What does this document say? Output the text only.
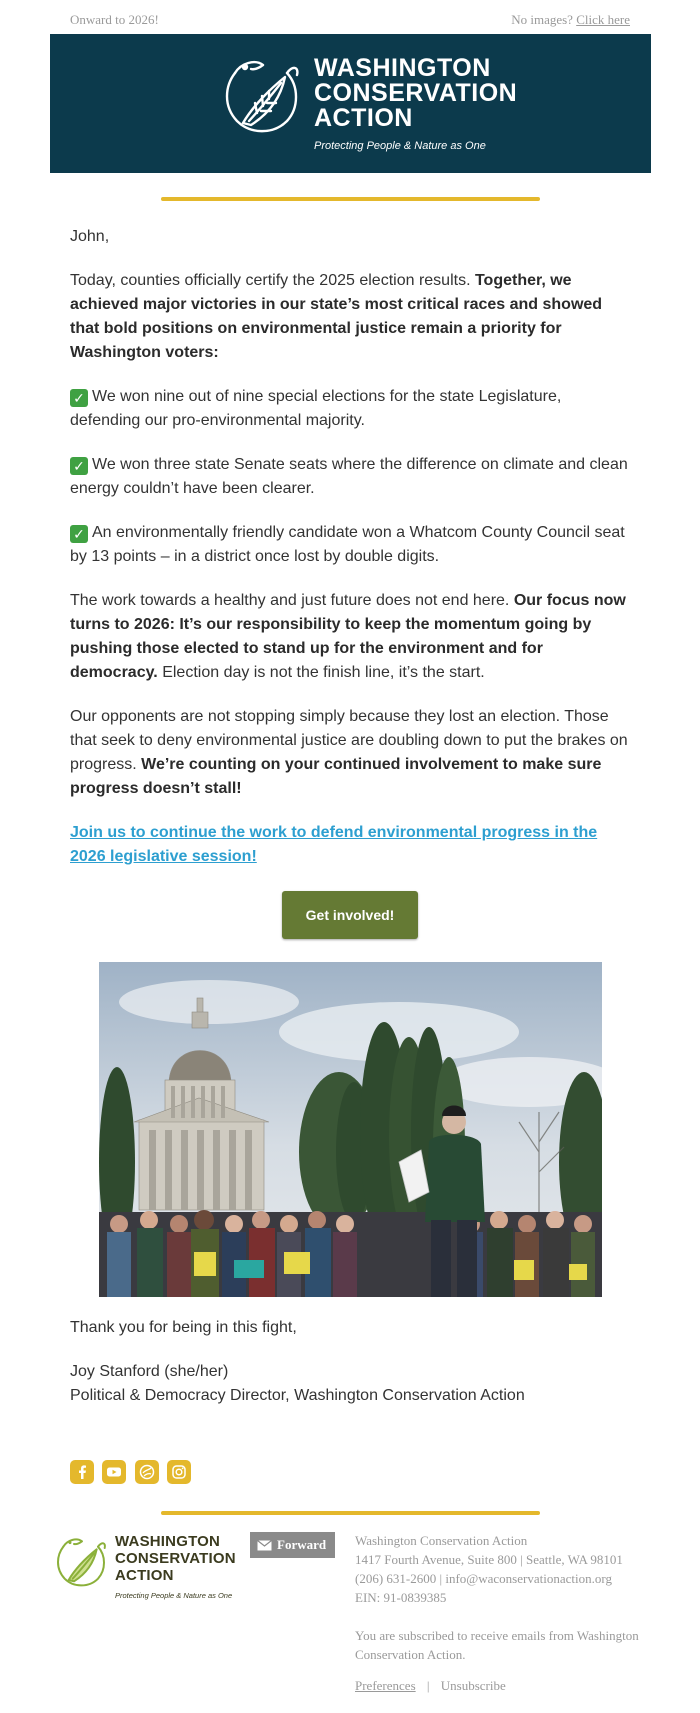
Onward to 2026!	No images? Click here
WASHINGTON
CONSERVATION
ACTION
Protecting People & Nature as One

John,

Today, counties officially certify the 2025 election results. Together, we achieved major victories in our state’s most critical races and showed that bold positions on environmental justice remain a priority for Washington voters:

✓ We won nine out of nine special elections for the state Legislature, defending our pro-environmental majority.

✓ We won three state Senate seats where the difference on climate and clean energy couldn’t have been clearer.

✓ An environmentally friendly candidate won a Whatcom County Council seat by 13 points – in a district once lost by double digits.

The work towards a healthy and just future does not end here. Our focus now turns to 2026: It’s our responsibility to keep the momentum going by pushing those elected to stand up for the environment and for democracy. Election day is not the finish line, it’s the start.

Our opponents are not stopping simply because they lost an election. Those that seek to deny environmental justice are doubling down to put the brakes on progress. We’re counting on your continued involvement to make sure progress doesn’t stall!

Join us to continue the work to defend environmental progress in the 2026 legislative session!

Get involved!

Thank you for being in this fight,

Joy Stanford (she/her)
Political & Democracy Director, Washington Conservation Action

WASHINGTON
CONSERVATION
ACTION
Protecting People & Nature as One
Forward Washington Conservation Action
1417 Fourth Avenue, Suite 800 | Seattle, WA 98101
(206) 631-2600 | info@waconservationaction.org
EIN: 91-0839385
You are subscribed to receive emails from Washington Conservation Action.
Preferences | Unsubscribe
